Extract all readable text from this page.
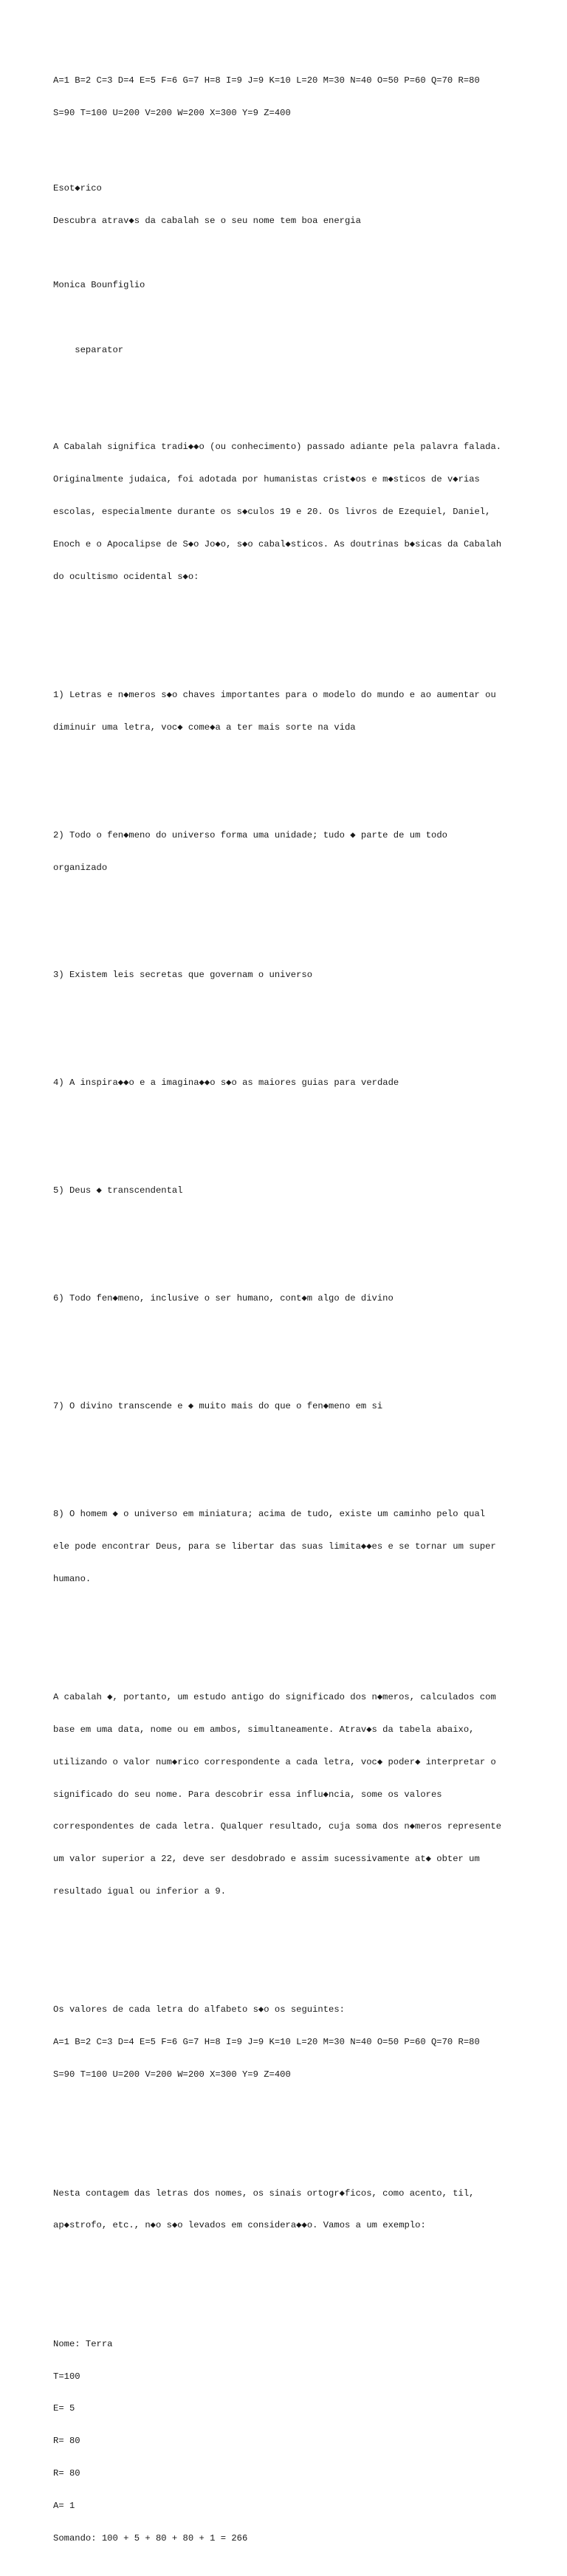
A=1 B=2 C=3 D=4 E=5 F=6 G=7 H=8 I=9 J=9 K=10 L=20 M=30 N=40 O=50 P=60 Q=70 R=80

S=90 T=100 U=200 V=200 W=200 X=300 Y=9 Z=400

Esot◆rico

Descubra atrav◆s da cabalah se o seu nome tem boa energia

Monica Bounfiglio

separator

A Cabalah significa tradi◆◆o (ou conhecimento) passado adiante pela palavra falada.

Originalmente judaica, foi adotada por humanistas crist◆os e m◆sticos de v◆rias

escolas, especialmente durante os s◆culos 19 e 20. Os livros de Ezequiel, Daniel,

Enoch e o Apocalipse de S◆o Jo◆o, s◆o cabal◆sticos. As doutrinas b◆sicas da Cabalah

do ocultismo ocidental s◆o:

1) Letras e n◆meros s◆o chaves importantes para o modelo do mundo e ao aumentar ou

diminuir uma letra, voc◆ come◆a a ter mais sorte na vida

2) Todo o fen◆meno do universo forma uma unidade; tudo ◆ parte de um todo

organizado

3) Existem leis secretas que governam o universo

4) A inspira◆◆o e a imagina◆◆o s◆o as maiores guias para verdade

5) Deus ◆ transcendental

6) Todo fen◆meno, inclusive o ser humano, cont◆m algo de divino

7) O divino transcende e ◆ muito mais do que o fen◆meno em si

8) O homem ◆ o universo em miniatura; acima de tudo, existe um caminho pelo qual

ele pode encontrar Deus, para se libertar das suas limita◆◆es e se tornar um super

humano.

A cabalah ◆, portanto, um estudo antigo do significado dos n◆meros, calculados com

base em uma data, nome ou em ambos, simultaneamente. Atrav◆s da tabela abaixo,

utilizando o valor num◆rico correspondente a cada letra, voc◆ poder◆ interpretar o

significado do seu nome. Para descobrir essa influ◆ncia, some os valores

correspondentes de cada letra. Qualquer resultado, cuja soma dos n◆meros represente

um valor superior a 22, deve ser desdobrado e assim sucessivamente at◆ obter um

resultado igual ou inferior a 9.

Os valores de cada letra do alfabeto s◆o os seguintes:

A=1 B=2 C=3 D=4 E=5 F=6 G=7 H=8 I=9 J=9 K=10 L=20 M=30 N=40 O=50 P=60 Q=70 R=80

S=90 T=100 U=200 V=200 W=200 X=300 Y=9 Z=400

Nesta contagem das letras dos nomes, os sinais ortogr◆ficos, como acento, til,

ap◆strofo, etc., n◆o s◆o levados em considera◆◆o. Vamos a um exemplo:

Nome: Terra

T=100

E= 5

R= 80

R= 80

A= 1

Somando: 100 + 5 + 80 + 80 + 1 = 266
